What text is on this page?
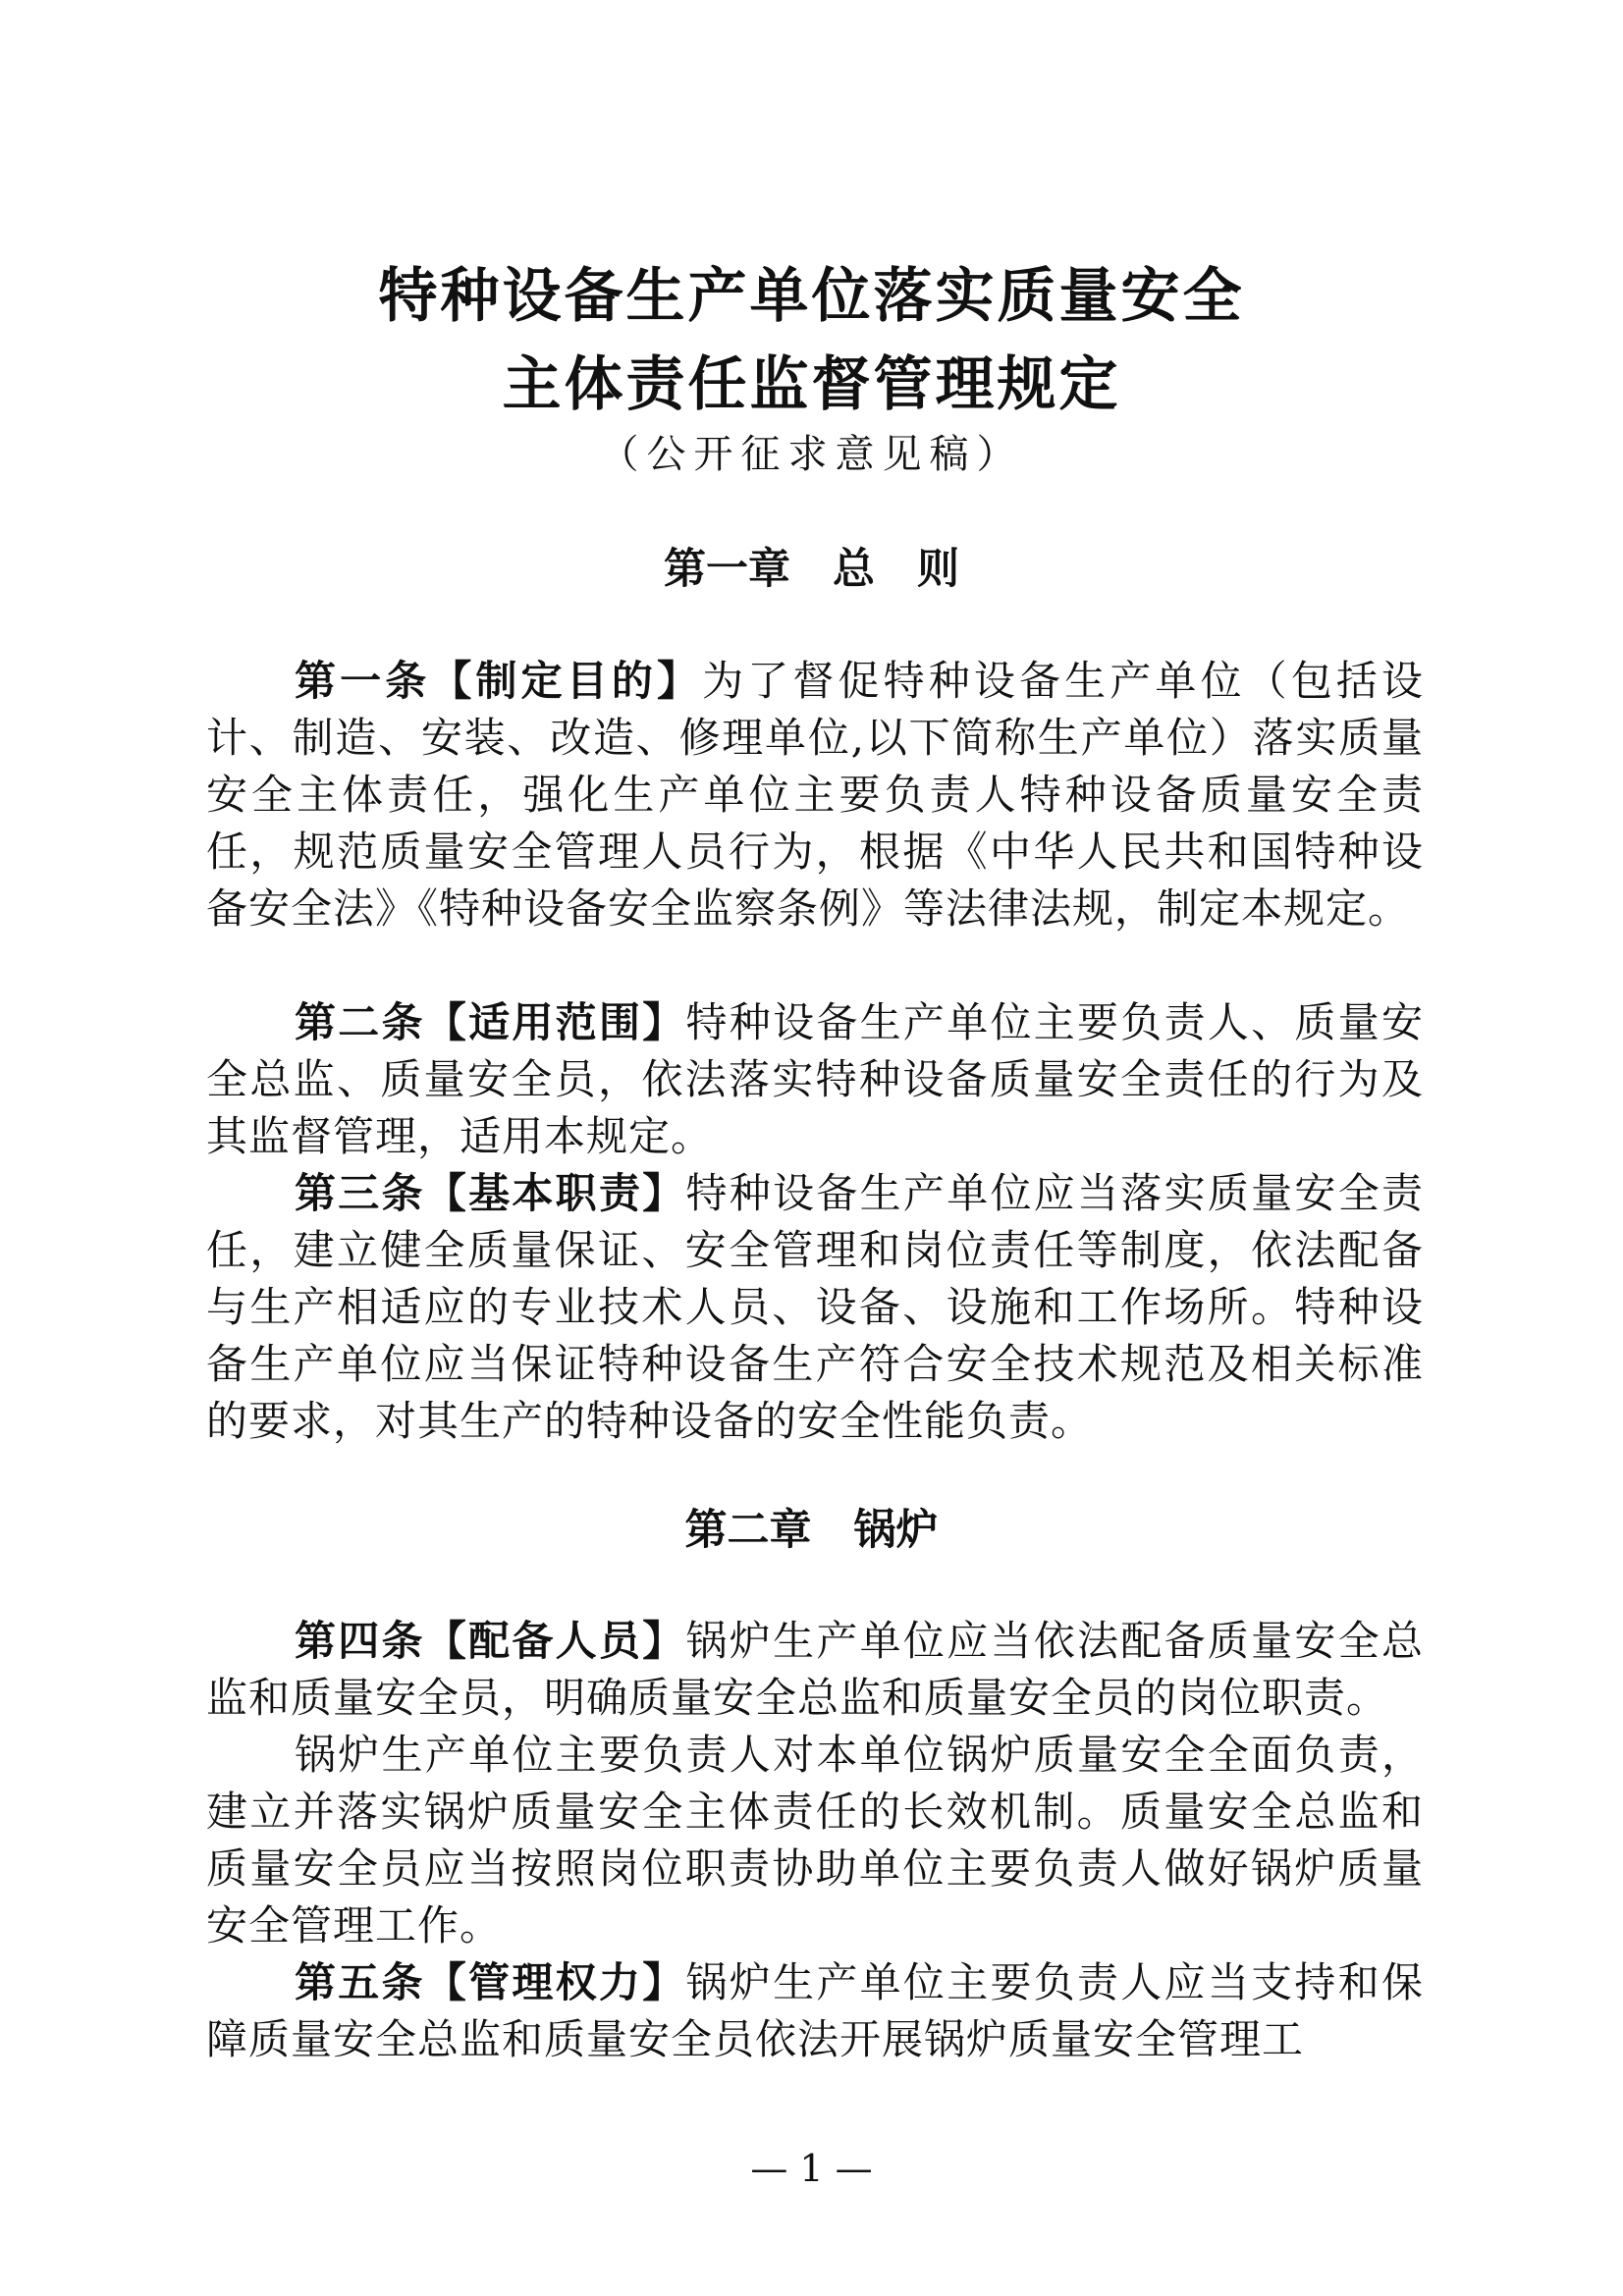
特种设备生产单位落实质量安全
主体责任监督管理规定
（公开征求意见稿）
第一章　总　则

第一条【制定目的】为了督促特种设备生产单位（包括设计、制造、安装、改造、修理单位,以下简称生产单位）落实质量安全主体责任，强化生产单位主要负责人特种设备质量安全责任，规范质量安全管理人员行为，根据《中华人民共和国特种设备安全法》《特种设备安全监察条例》等法律法规，制定本规定。

第二条【适用范围】特种设备生产单位主要负责人、质量安全总监、质量安全员，依法落实特种设备质量安全责任的行为及其监督管理，适用本规定。

第三条【基本职责】特种设备生产单位应当落实质量安全责任，建立健全质量保证、安全管理和岗位责任等制度，依法配备与生产相适应的专业技术人员、设备、设施和工作场所。特种设备生产单位应当保证特种设备生产符合安全技术规范及相关标准的要求，对其生产的特种设备的安全性能负责。

第二章　锅炉

第四条【配备人员】锅炉生产单位应当依法配备质量安全总监和质量安全员，明确质量安全总监和质量安全员的岗位职责。

锅炉生产单位主要负责人对本单位锅炉质量安全全面负责，建立并落实锅炉质量安全主体责任的长效机制。质量安全总监和质量安全员应当按照岗位职责协助单位主要负责人做好锅炉质量安全管理工作。

第五条【管理权力】锅炉生产单位主要负责人应当支持和保障质量安全总监和质量安全员依法开展锅炉质量安全管理工

— 1 —
